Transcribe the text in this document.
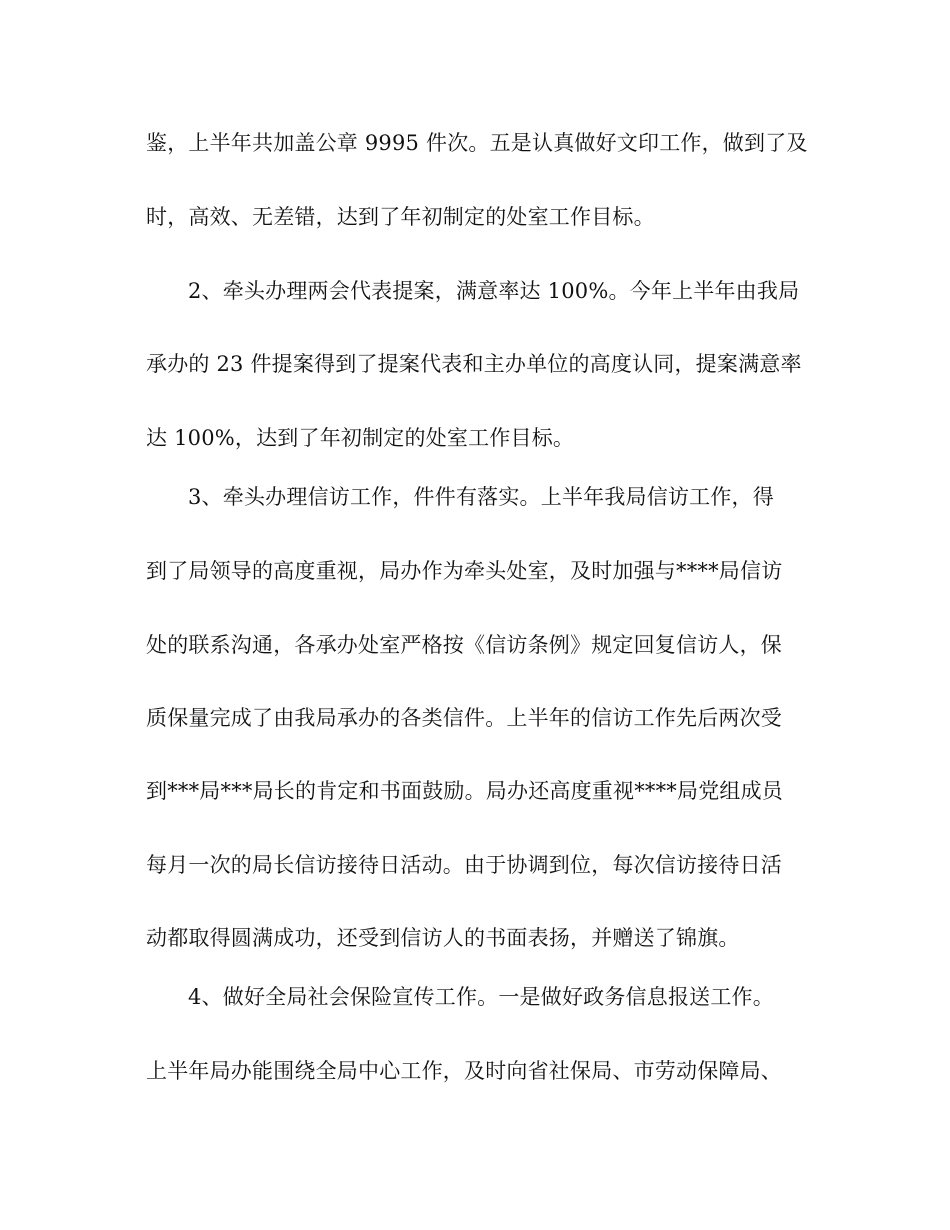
鉴，上半年共加盖公章 9995 件次。五是认真做好文印工作，做到了及
时，高效、无差错，达到了年初制定的处室工作目标。
2、牵头办理两会代表提案，满意率达 100%。今年上半年由我局
承办的 23 件提案得到了提案代表和主办单位的高度认同，提案满意率
达 100%，达到了年初制定的处室工作目标。
3、牵头办理信访工作，件件有落实。上半年我局信访工作，得
到了局领导的高度重视，局办作为牵头处室，及时加强与****局信访
处的联系沟通，各承办处室严格按《信访条例》规定回复信访人，保
质保量完成了由我局承办的各类信件。上半年的信访工作先后两次受
到***局***局长的肯定和书面鼓励。局办还高度重视****局党组成员
每月一次的局长信访接待日活动。由于协调到位，每次信访接待日活
动都取得圆满成功，还受到信访人的书面表扬，并赠送了锦旗。
4、做好全局社会保险宣传工作。一是做好政务信息报送工作。
上半年局办能围绕全局中心工作，及时向省社保局、市劳动保障局、
